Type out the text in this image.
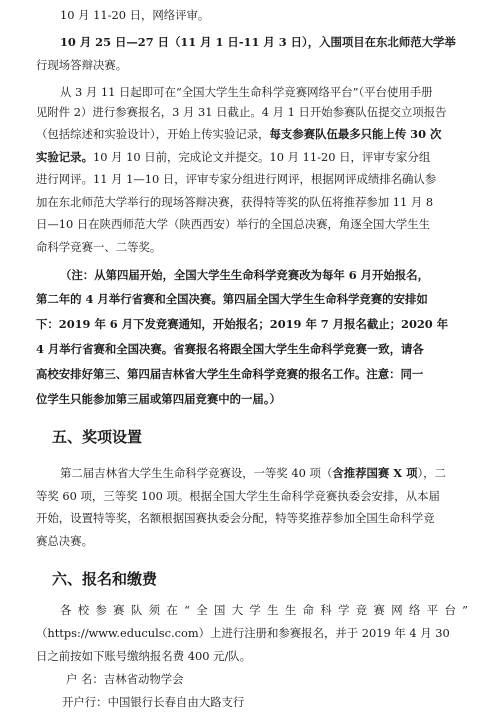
10 月 11-20 日，网络评审。
10 月 25 日—27 日（11 月 1 日-11 月 3 日），入围项目在东北师范大学举
行现场答辩决赛。
从 3 月 11 日起即可在“全国大学生生命科学竞赛网络平台”（平台使用手册
见附件 2）进行参赛报名，3 月 31 日截止。4 月 1 日开始参赛队伍提交立项报告
（包括综述和实验设计），开始上传实验记录，每支参赛队伍最多只能上传 30 次
实验记录。10 月 10 日前，完成论文并提交。10 月 11-20 日，评审专家分组
进行网评。11 月 1—10 日，评审专家分组进行网评，根据网评成绩排名确认参
加在东北师范大学举行的现场答辩决赛，获得特等奖的队伍将推荐参加 11 月 8
日—10 日在陕西师范大学（陕西西安）举行的全国总决赛，角逐全国大学生生
命科学竞赛一、二等奖。
（注：从第四届开始，全国大学生生命科学竞赛改为每年 6 月开始报名，
第二年的 4 月举行省赛和全国决赛。第四届全国大学生生命科学竞赛的安排如
下：2019 年 6 月下发竞赛通知，开始报名；2019 年 7 月报名截止；2020 年
4 月举行省赛和全国决赛。省赛报名将跟全国大学生生命科学竞赛一致，请各
高校安排好第三、第四届吉林省大学生生命科学竞赛的报名工作。注意：同一
位学生只能参加第三届或第四届竞赛中的一届。）
五、奖项设置
第二届吉林省大学生生命科学竞赛设，一等奖 40 项（含推荐国赛 X 项），二
等奖 60 项，三等奖 100 项。根据全国大学生生命科学竞赛执委会安排，从本届
开始，设置特等奖，名额根据国赛执委会分配，特等奖推荐参加全国生命科学竞
赛总决赛。
六、报名和缴费
各校参赛队须在“全国大学生生命科学竞赛网络平台”
（https://www.educulsc.com）上进行注册和参赛报名，并于 2019 年 4 月 30
日之前按如下账号缴纳报名费 400 元/队。
户 名：吉林省动物学会
开户行：中国银行长春自由大路支行
